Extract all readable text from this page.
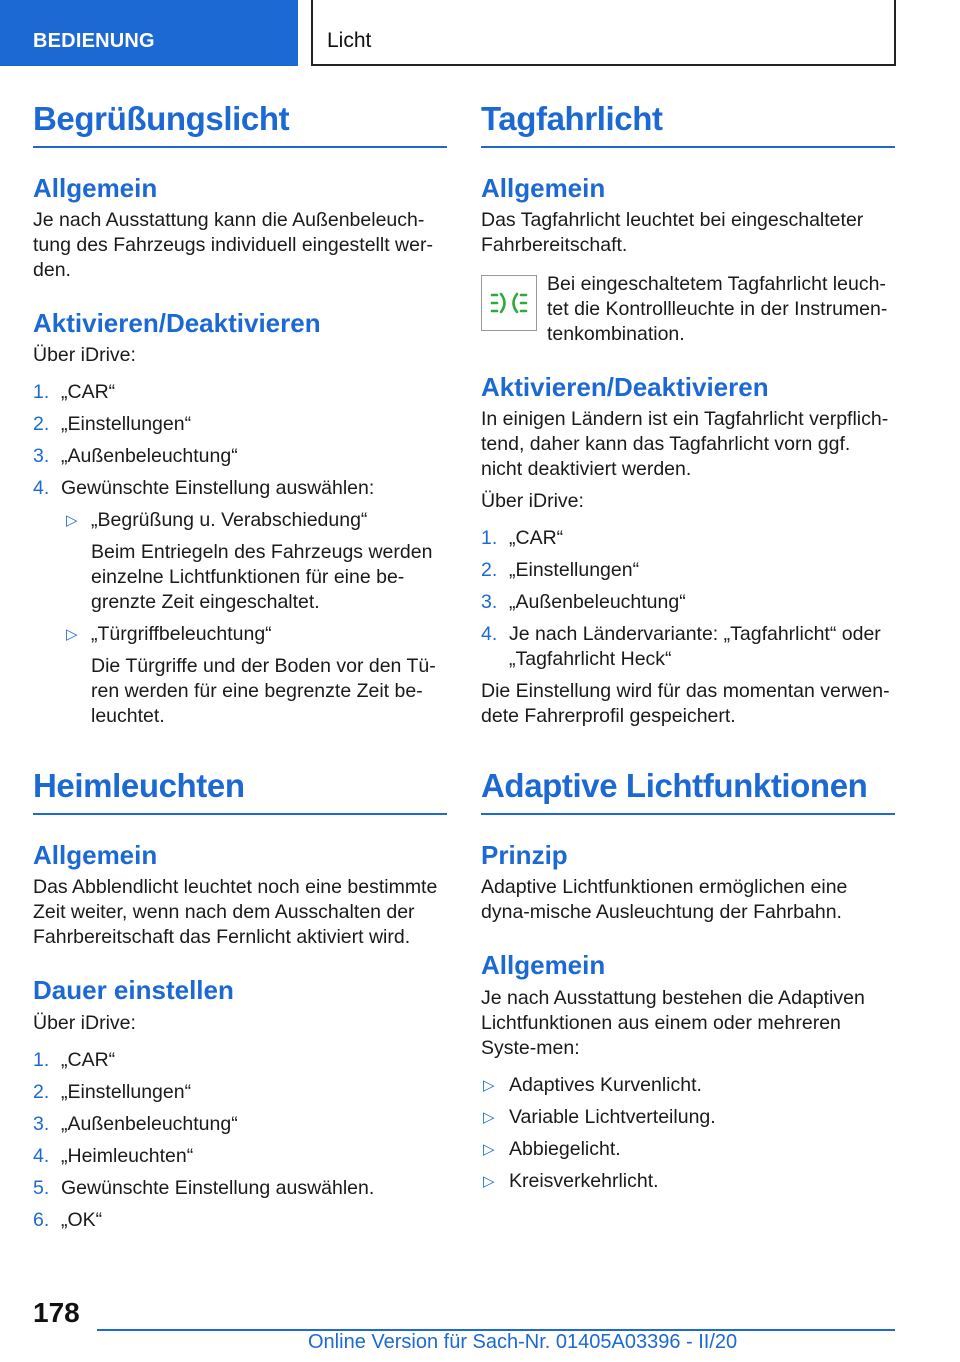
BEDIENUNG	Licht
Begrüßungslicht
Allgemein

Je nach Ausstattung kann die Außenbeleuch-tung des Fahrzeugs individuell eingestellt wer-den.

Aktivieren/Deaktivieren

Über iDrive:

1. „CAR“
2. „Einstellungen“
3. „Außenbeleuchtung“
4. Gewünschte Einstellung auswählen:
▷ „Begrüßung u. Verabschiedung“
Beim Entriegeln des Fahrzeugs werden einzelne Lichtfunktionen für eine be-grenzte Zeit eingeschaltet.
▷ „Türgriffbeleuchtung“
Die Türgriffe und der Boden vor den Tü-ren werden für eine begrenzte Zeit be-leuchtet.
Heimleuchten
Allgemein

Das Abblendlicht leuchtet noch eine bestimmte Zeit weiter, wenn nach dem Ausschalten der Fahrbereitschaft das Fernlicht aktiviert wird.

Dauer einstellen

Über iDrive:

1. „CAR“
2. „Einstellungen“
3. „Außenbeleuchtung“
4. „Heimleuchten“
5. Gewünschte Einstellung auswählen.
6. „OK“
Tagfahrlicht
Allgemein

Das Tagfahrlicht leuchtet bei eingeschalteter Fahrbereitschaft.

Bei eingeschaltetem Tagfahrlicht leuch-tet die Kontrollleuchte in der Instrumen-tenkombination.
Aktivieren/Deaktivieren

In einigen Ländern ist ein Tagfahrlicht verpflich-tend, daher kann das Tagfahrlicht vorn ggf. nicht deaktiviert werden.

Über iDrive:

1. „CAR“
2. „Einstellungen“
3. „Außenbeleuchtung“
4. Je nach Ländervariante: „Tagfahrlicht“ oder „Tagfahrlicht Heck“

Die Einstellung wird für das momentan verwen-dete Fahrerprofil gespeichert.

Adaptive Lichtfunktionen
Prinzip

Adaptive Lichtfunktionen ermöglichen eine dyna-mische Ausleuchtung der Fahrbahn.

Allgemein

Je nach Ausstattung bestehen die Adaptiven Lichtfunktionen aus einem oder mehreren Syste-men:

▷ Adaptives Kurvenlicht.
▷ Variable Lichtverteilung.
▷ Abbiegelicht.
▷ Kreisverkehrlicht.
178
Online Version für Sach-Nr. 01405A03396 - II/20
